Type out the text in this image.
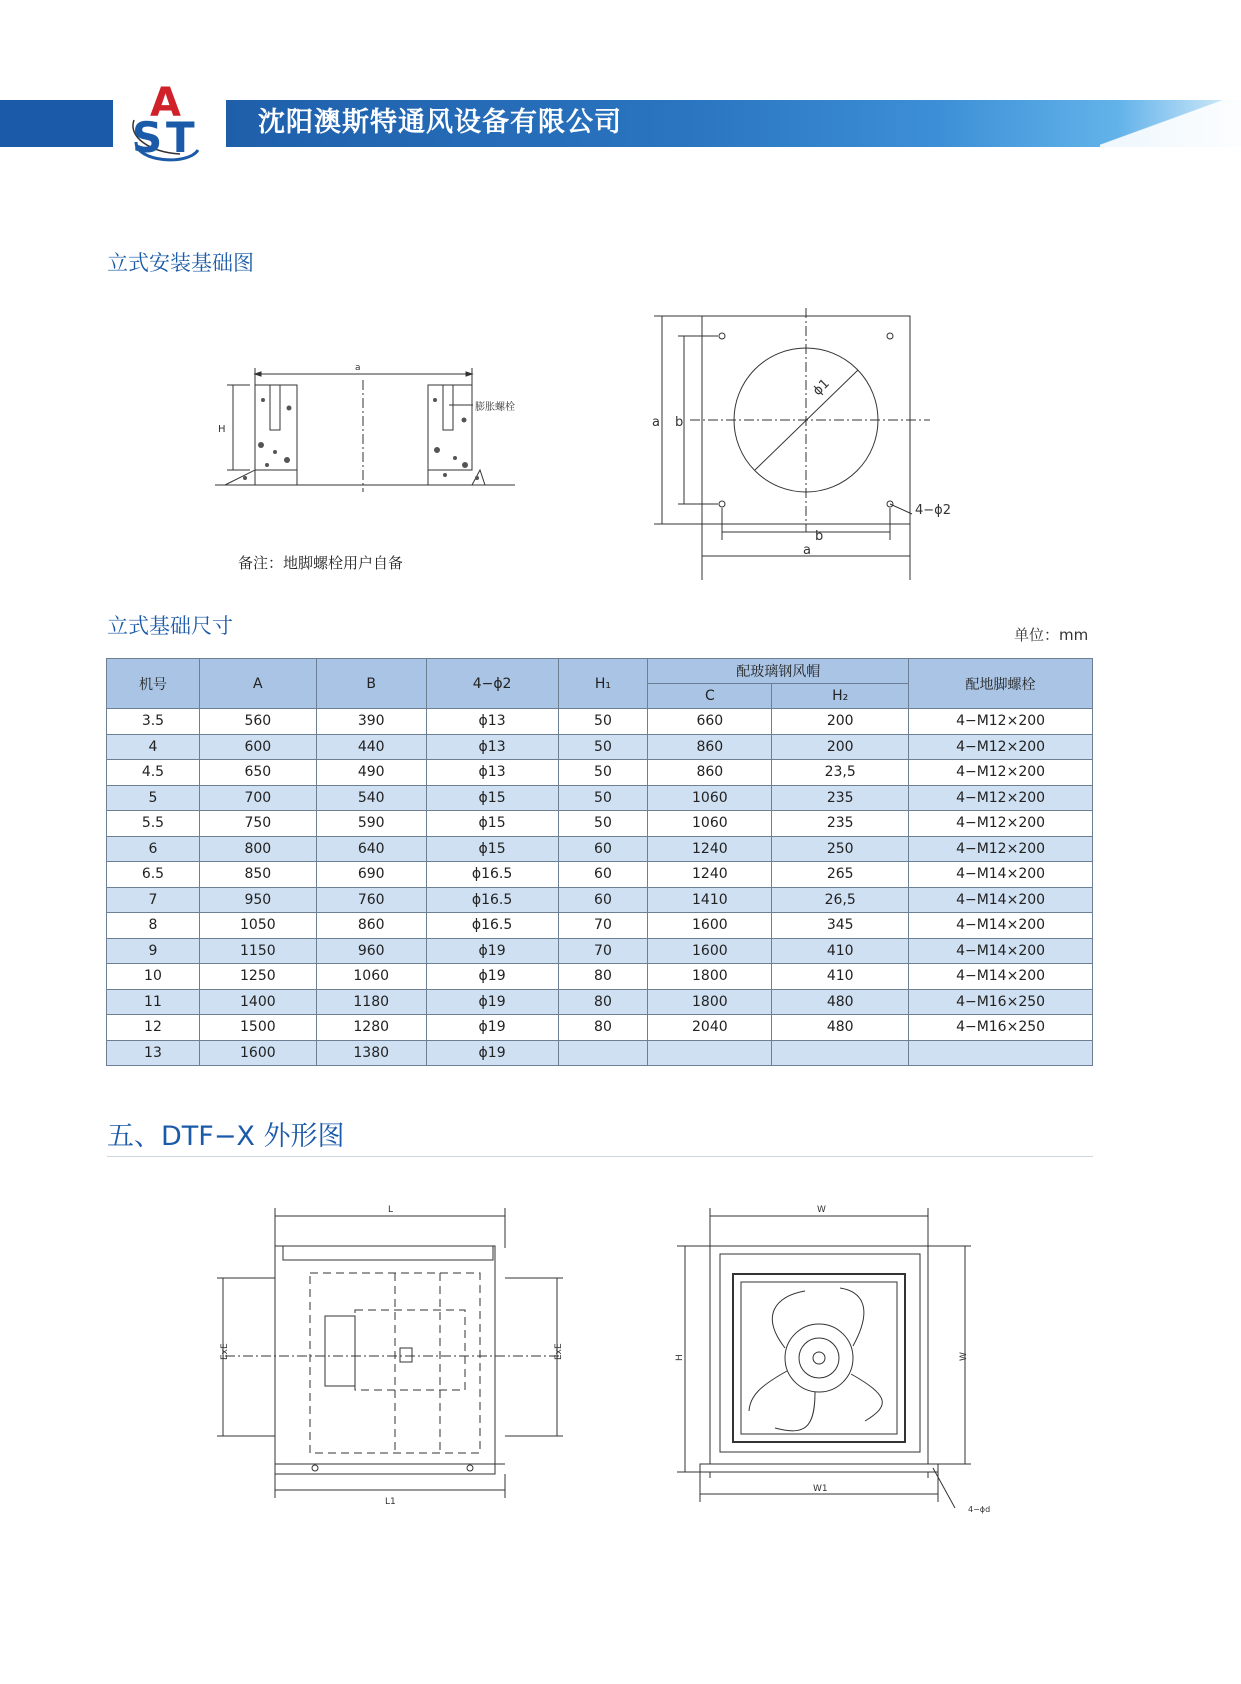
A
S T 沈阳澳斯特通风设备有限公司
立式安装基础图
a
H
膨胀螺栓
备注：地脚螺栓用户自备
a b
b
a
ϕ1
4−ϕ2
立式基础尺寸	单位：mm
机号	A	B	4−ϕ2	H₁	配玻璃钢风帽		配地脚螺栓
					C	H₂	
3.5	560	390	ϕ13	50	660	200	4−M12×200
4	600	440	ϕ13	50	860	200	4−M12×200
4.5	650	490	ϕ13	50	860	23,5	4−M12×200
5	700	540	ϕ15	50	1060	235	4−M12×200
5.5	750	590	ϕ15	50	1060	235	4−M12×200
6	800	640	ϕ15	60	1240	250	4−M12×200
6.5	850	690	ϕ16.5	60	1240	265	4−M14×200
7	950	760	ϕ16.5	60	1410	26,5	4−M14×200
8	1050	860	ϕ16.5	70	1600	345	4−M14×200
9	1150	960	ϕ19	70	1600	410	4−M14×200
10	1250	1060	ϕ19	80	1800	410	4−M14×200
11	1400	1180	ϕ19	80	1800	480	4−M16×250
12	1500	1280	ϕ19	80	2040	480	4−M16×250
13	1600	1380	ϕ19				
五、DTF−X 外形图
L
L1
ExE	ExE
W
W1
H	W
4−ϕd
